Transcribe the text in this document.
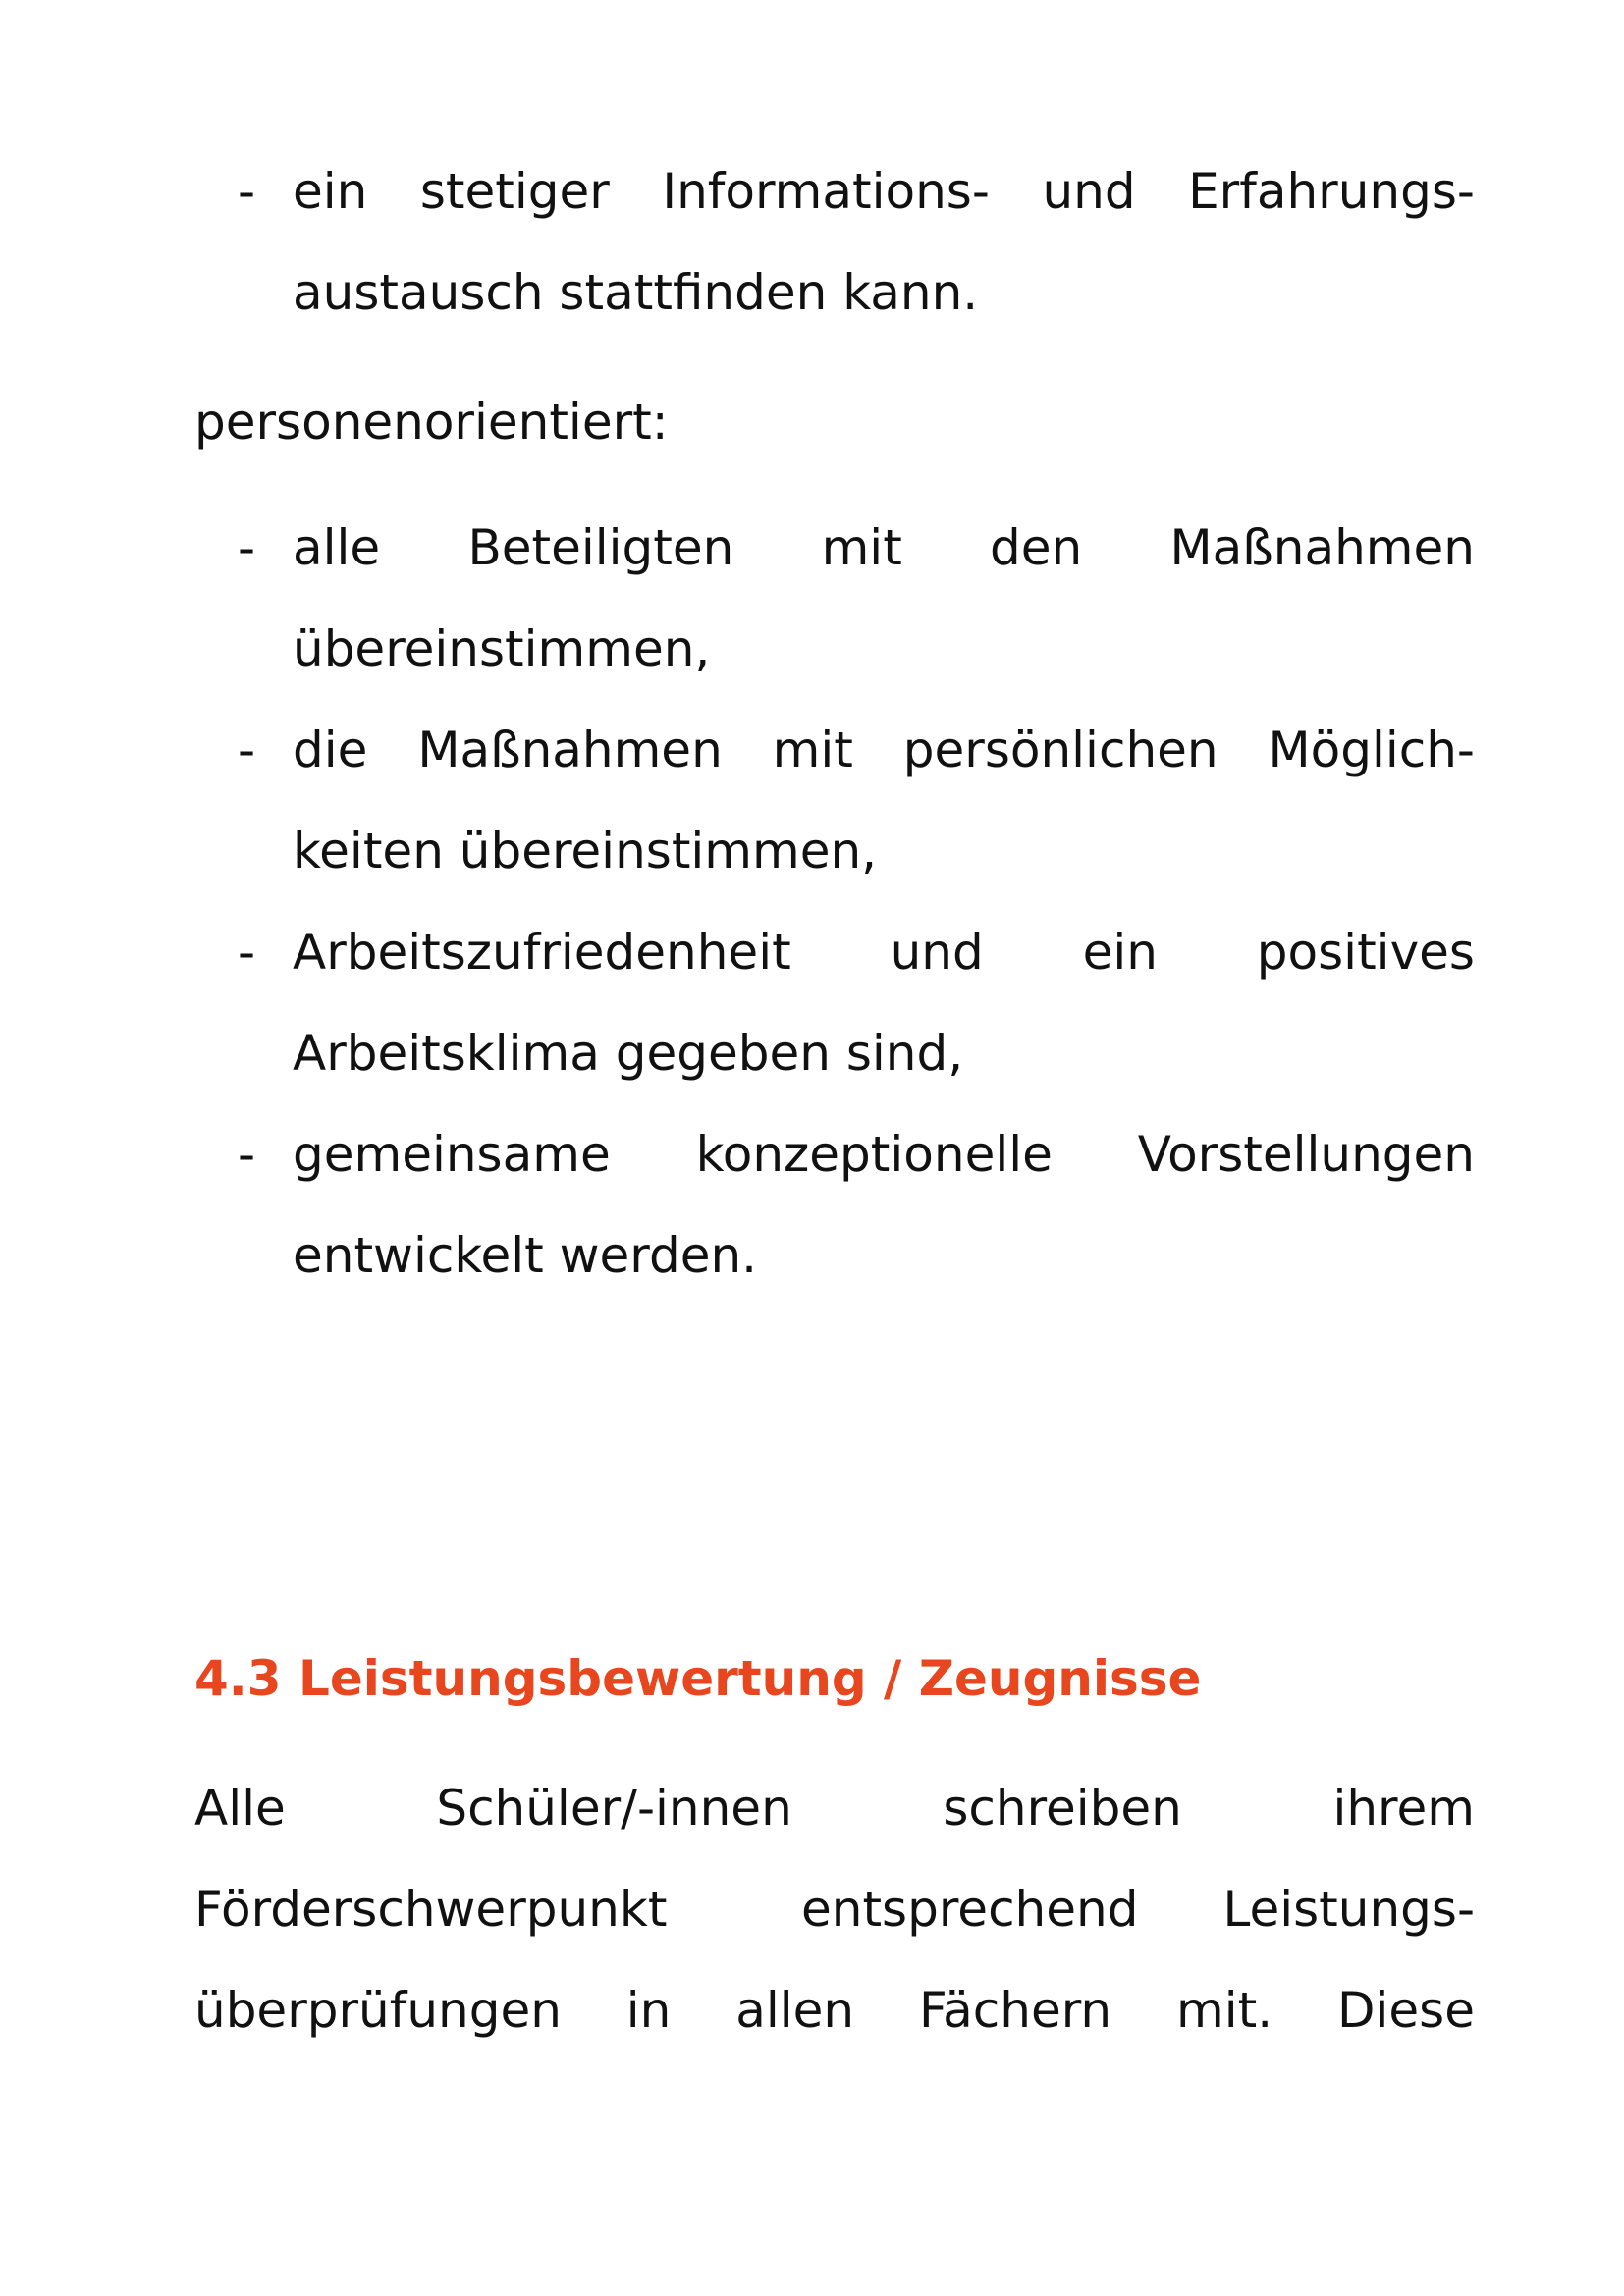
- ein stetiger Informations- und Erfahrungs-
austausch stattfinden kann.
personenorientiert:
- alle Beteiligten mit den Maßnahmen
übereinstimmen,
- die Maßnahmen mit persönlichen Möglich-
keiten übereinstimmen,
- Arbeitszufriedenheit und ein positives
Arbeitsklima gegeben sind,
- gemeinsame konzeptionelle Vorstellungen
entwickelt werden.
4.3 Leistungsbewertung / Zeugnisse
Alle	Schüler/-innen	schreiben	ihrem
Förderschwerpunkt	entsprechend Leistungs-
überprüfungen in allen Fächern mit. Diese
